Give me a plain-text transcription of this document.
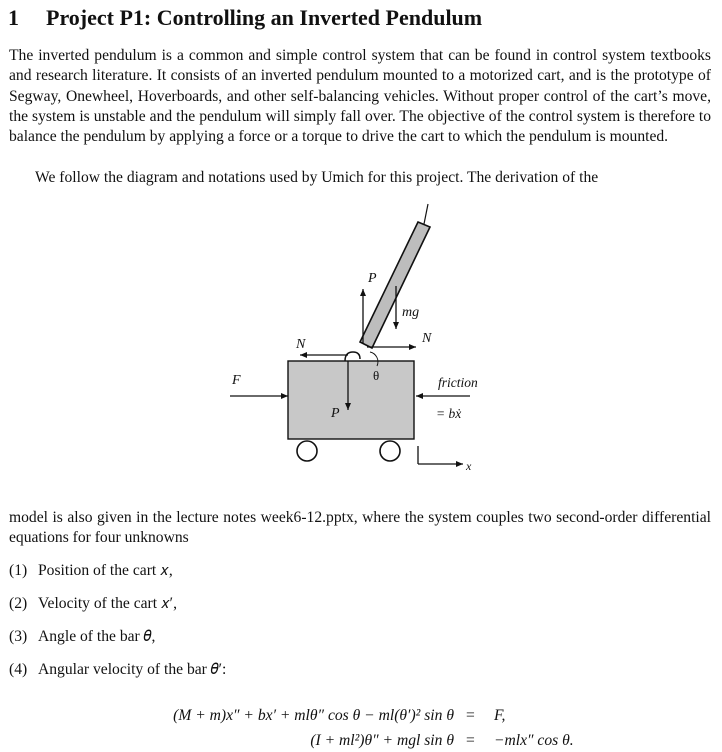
1 Project P1: Controlling an Inverted Pendulum

The inverted pendulum is a common and simple control system that can be found in control system textbooks and research literature. It consists of an inverted pendulum mounted to a motorized cart, and is the prototype of Segway, Onewheel, Hoverboards, and other self-balancing vehicles. Without proper control of the cart’s move, the system is unstable and the pendulum will simply fall over. The objective of the control system is therefore to balance the pendulum by applying a force or a torque to drive the cart to which the pendulum is mounted.

We follow the diagram and notations used by Umich for this project. The derivation of the

P
mg
N
N
F	θ	friction
= bẋ
P
x

model is also given in the lecture notes week6-12.pptx, where the system couples two second-order differential equations for four unknowns

(1) Position of the cart 𝑥,
(2) Velocity of the cart 𝑥′,
(3) Angle of the bar 𝜃,
(4) Angular velocity of the bar 𝜃′:
(M + m)x″ + bx′ + mlθ″ cos θ − ml(θ′)² sin θ = F,
(I + ml²)θ″ + mgl sin θ = −mlx″ cos θ.
